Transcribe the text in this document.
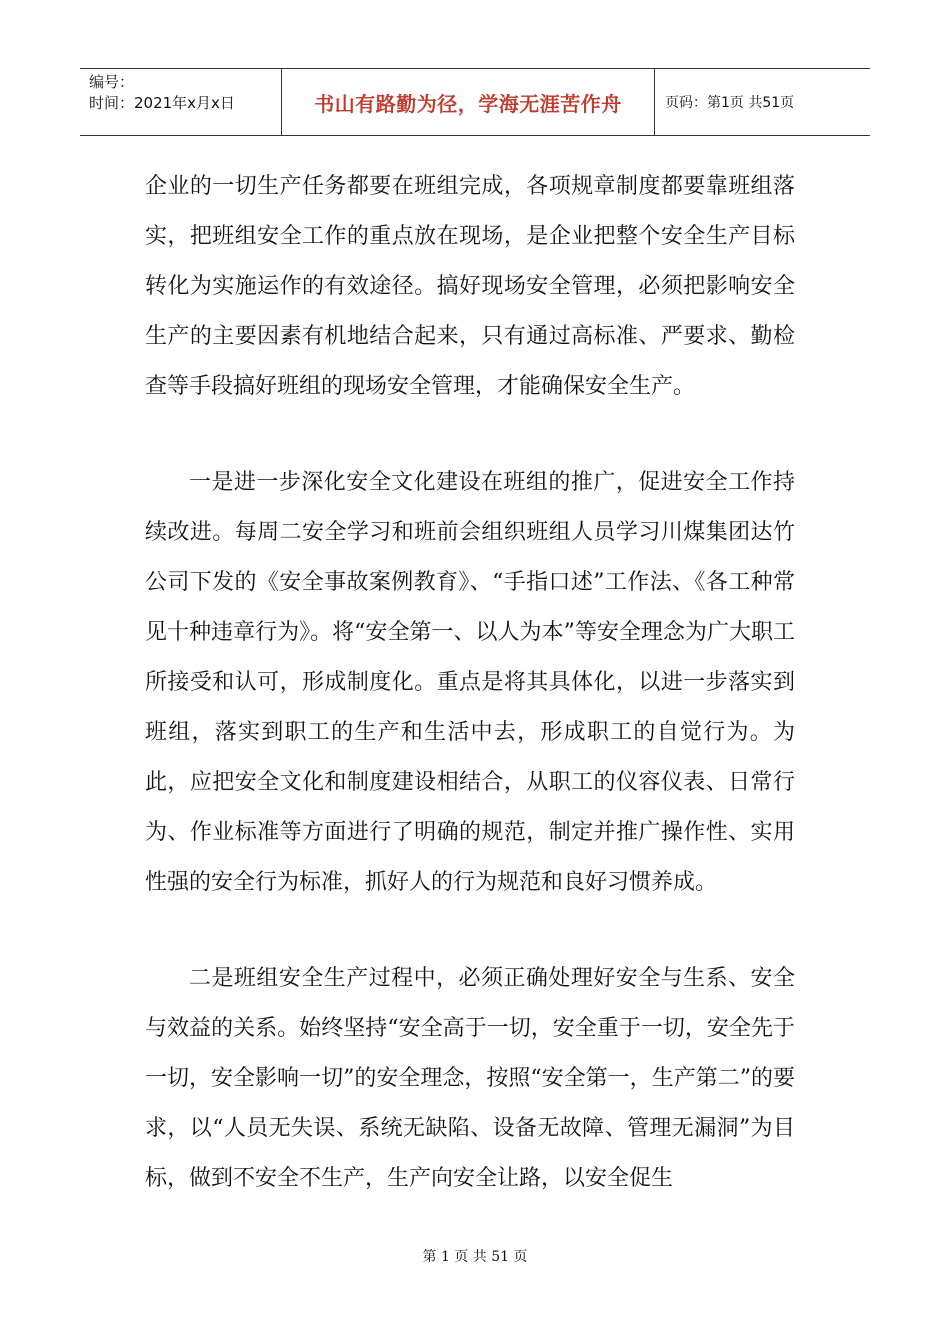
编号：
时间：2021年x月x日	书山有路勤为径，学海无涯苦作舟	页码：第1页 共51页

企业的一切生产任务都要在班组完成，各项规章制度都要靠班组落实，把班组安全工作的重点放在现场，是企业把整个安全生产目标转化为实施运作的有效途径。搞好现场安全管理，必须把影响安全生产的主要因素有机地结合起来，只有通过高标准、严要求、勤检查等手段搞好班组的现场安全管理，才能确保安全生产。

一是进一步深化安全文化建设在班组的推广，促进安全工作持续改进。每周二安全学习和班前会组织班组人员学习川煤集团达竹公司下发的《安全事故案例教育》、“手指口述”工作法、《各工种常见十种违章行为》。将“安全第一、以人为本”等安全理念为广大职工所接受和认可，形成制度化。重点是将其具体化，以进一步落实到班组，落实到职工的生产和生活中去，形成职工的自觉行为。为此，应把安全文化和制度建设相结合，从职工的仪容仪表、日常行为、作业标准等方面进行了明确的规范，制定并推广操作性、实用性强的安全行为标准，抓好人的行为规范和良好习惯养成。

二是班组安全生产过程中，必须正确处理好安全与生系、安全与效益的关系。始终坚持“安全高于一切，安全重于一切，安全先于一切，安全影响一切”的安全理念，按照“安全第一，生产第二”的要求，以“人员无失误、系统无缺陷、设备无故障、管理无漏洞”为目标，做到不安全不生产，生产向安全让路，以安全促生

第 1 页 共 51 页
